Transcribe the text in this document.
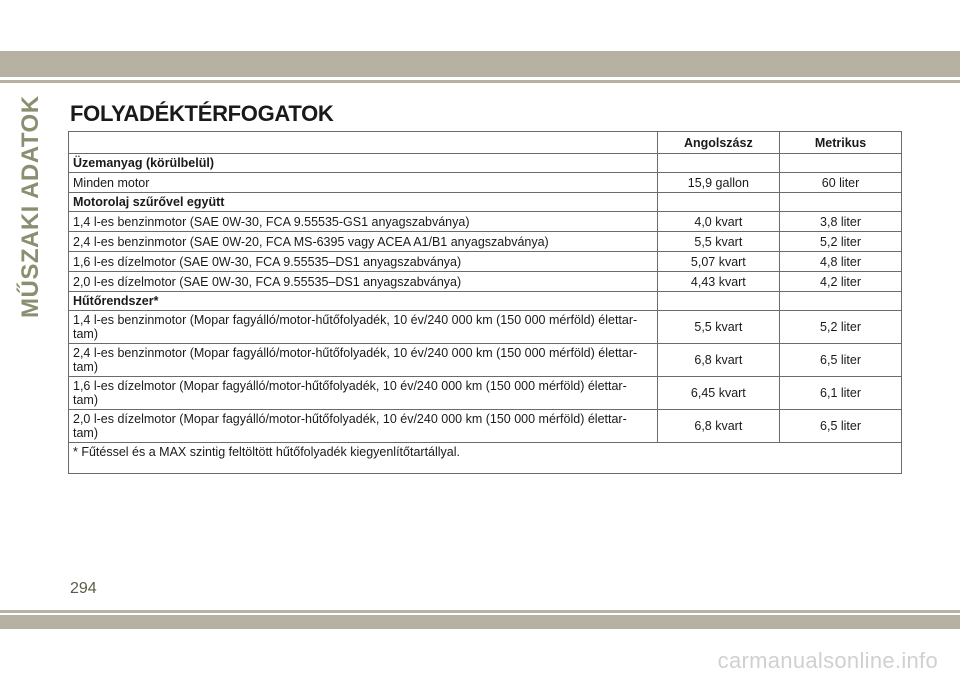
MŰSZAKI ADATOK FOLYADÉKTÉRFOGATOK
	Angolszász	Metrikus
Üzemanyag (körülbelül)		
Minden motor	15,9 gallon	60 liter
Motorolaj szűrővel együtt		
1,4 l-es benzinmotor (SAE 0W-30, FCA 9.55535-GS1 anyagszabványa)	4,0 kvart	3,8 liter
2,4 l-es benzinmotor (SAE 0W-20, FCA MS-6395 vagy ACEA A1/B1 anyagszabványa)	5,5 kvart	5,2 liter
1,6 l-es dízelmotor (SAE 0W-30, FCA 9.55535–DS1 anyagszabványa)	5,07 kvart	4,8 liter
2,0 l-es dízelmotor (SAE 0W-30, FCA 9.55535–DS1 anyagszabványa)	4,43 kvart	4,2 liter
Hűtőrendszer*		
1,4 l-es benzinmotor (Mopar fagyálló/motor-hűtőfolyadék, 10 év/240 000 km (150 000 mérföld) élettar-
tam)	5,5 kvart	5,2 liter
2,4 l-es benzinmotor (Mopar fagyálló/motor-hűtőfolyadék, 10 év/240 000 km (150 000 mérföld) élettar-
tam)	6,8 kvart	6,5 liter
1,6 l-es dízelmotor (Mopar fagyálló/motor-hűtőfolyadék, 10 év/240 000 km (150 000 mérföld) élettar-
tam)	6,45 kvart	6,1 liter
2,0 l-es dízelmotor (Mopar fagyálló/motor-hűtőfolyadék, 10 év/240 000 km (150 000 mérföld) élettar-
tam)	6,8 kvart	6,5 liter
* Fűtéssel és a MAX szintig feltöltött hűtőfolyadék kiegyenlítőtartállyal.		
294
carmanualsonline.info
